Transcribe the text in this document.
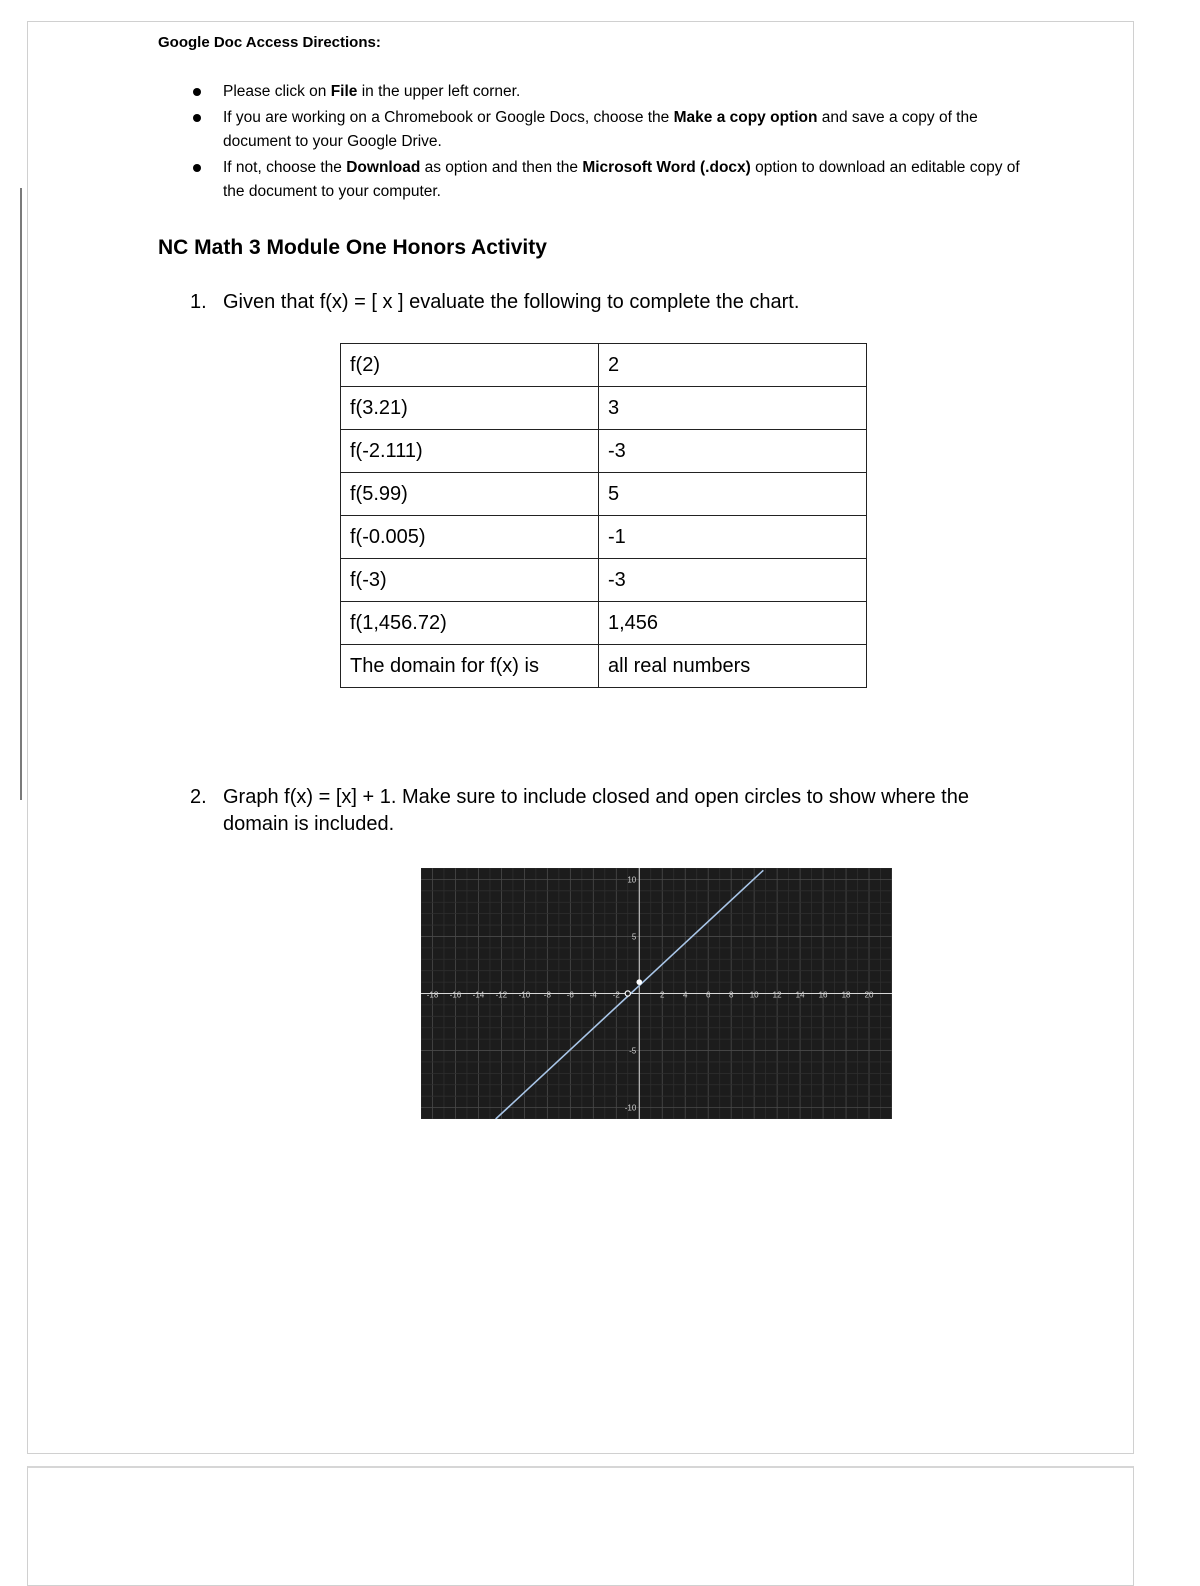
Google Doc Access Directions:
Please click on File in the upper left corner.
If you are working on a Chromebook or Google Docs, choose the Make a copy option and save a copy of the document to your Google Drive.
If not, choose the Download as option and then the Microsoft Word (.docx) option to download an editable copy of the document to your computer.
NC Math 3 Module One Honors Activity
1. Given that f(x) = [ x ] evaluate the following to complete the chart.
f(2)	2
f(3.21)	3
f(-2.111)	-3
f(5.99)	5
f(-0.005)	-1
f(-3)	-3
f(1,456.72)	1,456
The domain for f(x) is	all real numbers
2. Graph f(x) = [x] + 1. Make sure to include closed and open circles to show where the domain is included.
-18 -16 -14 -12 -10 -8 -6 -4 -2	2 4 6 8 10 12 14 16 18 20
10
5
-5
-10
